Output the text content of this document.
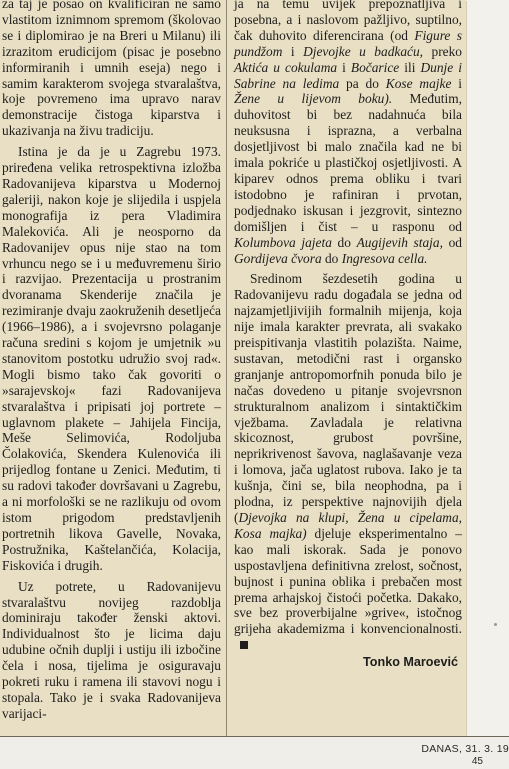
za taj je posao on kvalificiran ne samo vlastitom iznimnom spremom (školovao se i diplomirao je na Breri u Milanu) ili izrazitom erudicijom (pisac je posebno informiranih i umnih eseja) nego i samim karakterom svojega stvaralaštva, koje povremeno ima upravo narav demonstracije čistoga kiparstva i ukazivanja na živu tradiciju.

Istina je da je u Zagrebu 1973. priređena velika retrospektivna izložba Radovanijeva kiparstva u Modernoj galeriji, nakon koje je slijedila i uspjela monografija iz pera Vladimira Malekovića. Ali je neosporno da Radovanijev opus nije stao na tom vrhuncu nego se i u međuvremenu širio i razvijao. Prezentacija u prostranim dvoranama Skenderije značila je rezimiranje dvaju zaokruženih desetljeća (1966–1986), a i svojevrsno polaganje računa sredini s kojom je umjetnik »u stanovitom postotku udružio svoj rad«. Mogli bismo tako čak govoriti o »sarajevskoj« fazi Radovanijeva stvaralaštva i pripisati joj portrete – uglavnom plakete – Jahijela Fincija, Meše Selimovića, Rodoljuba Čolakovića, Skendera Kulenovića ili prijedlog fontane u Zenici. Međutim, ti su radovi također dovršavani u Zagrebu, a ni morfološki se ne razlikuju od ovom istom prigodom predstavljenih portretnih likova Gavelle, Novaka, Postružnika, Kaštelančića, Kolacija, Fiskovića i drugih.

Uz potrete, u Radovanijevu stvaralaštvu novijeg razdoblja dominiraju također ženski aktovi. Individualnost što je licima daju udubine očnih duplji i ustiju ili izbočine čela i nosa, tijelima je osiguravaju pokreti ruku i ramena ili stavovi nogu i stopala. Tako je i svaka Radovanijeva varijaci-

ja na temu uvijek prepoznatljiva i posebna, a i naslovom pažljivo, suptilno, čak duhovito diferencirana (od Figure s pundžom i Djevojke u badkaću, preko Aktića u cokulama i Bočarice ili Dunje i Sabrine na ledima pa do Kose majke i Žene u lijevom boku). Međutim, duhovitost bi bez nadahnuća bila neuksusna i isprazna, a verbalna dosjetljivost bi malo značila kad ne bi imala pokriće u plastičkoj osjetljivosti. A kiparev odnos prema obliku i tvari istodobno je rafiniran i prvotan, podjednako iskusan i jezgrovit, sintezno domišljen i čist – u rasponu od Kolumbova jajeta do Augijevih staja, od Gordijeva čvora do Ingresova cella.

Sredinom šezdesetih godina u Radovanijevu radu događala se jedna od najzamjetljivijih formalnih mijenja, koja nije imala karakter prevrata, ali svakako preispitivanja vlastitih polazišta. Naime, sustavan, metodični rast i organsko granjanje antropomorfnih ponuda bilo je načas dovedeno u pitanje svojevrsnon strukturalnom analizom i sintaktičkim vježbama. Zavladala je relativna skicoznost, grubost površine, neprikrivenost šavova, naglašavanje veza i lomova, jača uglatost rubova. Iako je ta kušnja, čini se, bila neophodna, pa i plodna, iz perspektive najnovijih djela (Djevojka na klupi, Žena u cipelama, Kosa majka) djeluje eksperimentalno – kao mali iskorak. Sada je ponovo uspostavljena definitivna zrelost, sočnost, bujnost i punina oblika i prebačen most prema arhajskoj čistoći početka. Dakako, sve bez proverbijalne »grive«, istočnog grijeha akademizma i konvencionalnosti.

Tonko Maroević
DANAS, 31. 3. 19
45
